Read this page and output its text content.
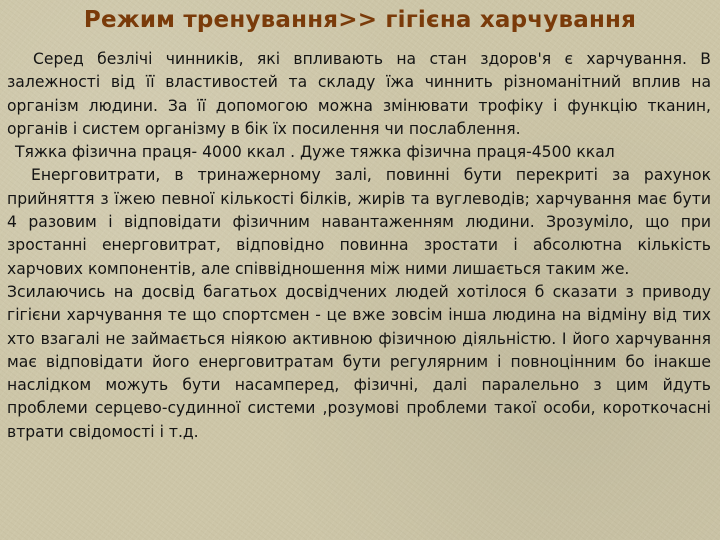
Режим тренування>> гігієна харчування

Серед безлічі чинників, які впливають на стан здоров'я є харчування. В залежності від її властивостей та складу їжа чиннить різноманітний вплив на організм людини. За її допомогою можна змінювати трофіку і функцію тканин, органів і систем організму в бік їх посилення чи послаблення.

Тяжка фізична праця- 4000 ккал . Дуже тяжка фізична праця-4500 ккал

Енерговитрати, в тринажерному залі, повинні бути перекриті за рахунок прийняття з їжею певної кількості білків, жирів та вуглеводів; харчування має бути 4 разовим і відповідати фізичним навантаженням людини. Зрозуміло, що при зростанні енерговитрат, відповідно повинна зростати і абсолютна кількість харчових компонентів, але співвідношення між ними лишається таким же.

Зсилаючись на досвід багатьох досвідчених людей хотілося б сказати з приводу гігієни харчування те що спортсмен - це вже зовсім інша людина на відміну від тих хто взагалі не займається ніякою активною фізичною діяльністю. І його харчування має відповідати його енерговитратам бути регулярним і повноцінним бо інакше наслідком можуть бути насамперед, фізичні, далі паралельно з цим йдуть проблеми серцево-судинної системи ,розумові проблеми такої особи, короткочасні втрати свідомості і т.д.
